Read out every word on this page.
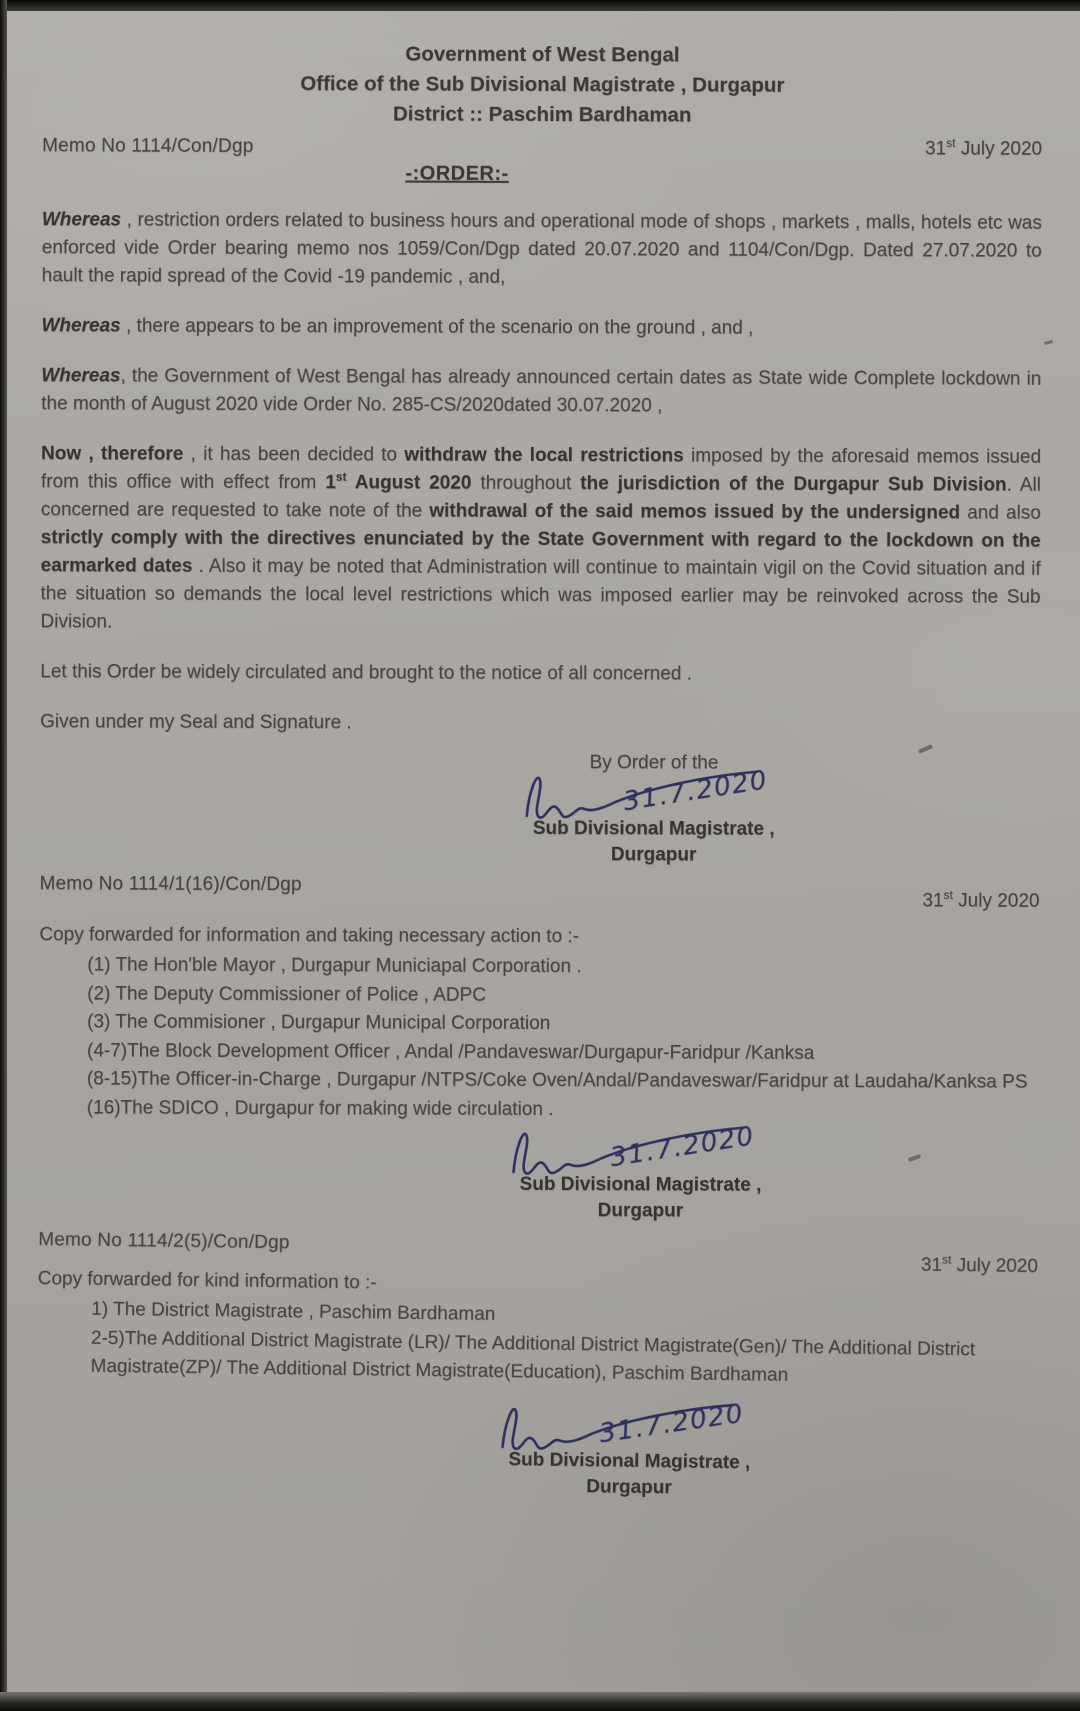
Government of West Bengal
Office of the Sub Divisional Magistrate , Durgapur
District :: Paschim Bardhaman
Memo No 1114/Con/Dgp	31st July 2020
-:ORDER:-

Whereas , restriction orders related to business hours and operational mode of shops , markets , malls, hotels etc was enforced vide Order bearing memo nos 1059/Con/Dgp dated 20.07.2020 and 1104/Con/Dgp. Dated 27.07.2020 to hault the rapid spread of the Covid -19 pandemic , and,

Whereas , there appears to be an improvement of the scenario on the ground , and ,

Whereas, the Government of West Bengal has already announced certain dates as State wide Complete lockdown in the month of August 2020 vide Order No. 285-CS/2020dated 30.07.2020 ,

Now , therefore , it has been decided to withdraw the local restrictions imposed by the aforesaid memos issued from this office with effect from 1st August 2020 throughout the jurisdiction of the Durgapur Sub Division. All concerned are requested to take note of the withdrawal of the said memos issued by the undersigned and also strictly comply with the directives enunciated by the State Government with regard to the lockdown on the earmarked dates . Also it may be noted that Administration will continue to maintain vigil on the Covid situation and if the situation so demands the local level restrictions which was imposed earlier may be reinvoked across the Sub Division.

Let this Order be widely circulated and brought to the notice of all concerned .

Given under my Seal and Signature .

By Order of the
31.7.2020
Sub Divisional Magistrate ,
Durgapur
Memo No 1114/1(16)/Con/Dgp
31st July 2020

Copy forwarded for information and taking necessary action to :-

(1) The Hon'ble Mayor , Durgapur Municiapal Corporation .
(2) The Deputy Commissioner of Police , ADPC
(3) The Commisioner , Durgapur Municipal Corporation
(4-7)The Block Development Officer , Andal /Pandaveswar/Durgapur-Faridpur /Kanksa
(8-15)The Officer-in-Charge , Durgapur /NTPS/Coke Oven/Andal/Pandaveswar/Faridpur at Laudaha/Kanksa PS
(16)The SDICO , Durgapur for making wide circulation .
31.7.2020
Sub Divisional Magistrate ,
Durgapur
Memo No 1114/2(5)/Con/Dgp
31st July 2020

Copy forwarded for kind information to :-

1) The District Magistrate , Paschim Bardhaman
2-5)The Additional District Magistrate (LR)/ The Additional District Magistrate(Gen)/ The Additional District Magistrate(ZP)/ The Additional District Magistrate(Education), Paschim Bardhaman
31.7.2020
Sub Divisional Magistrate ,
Durgapur
